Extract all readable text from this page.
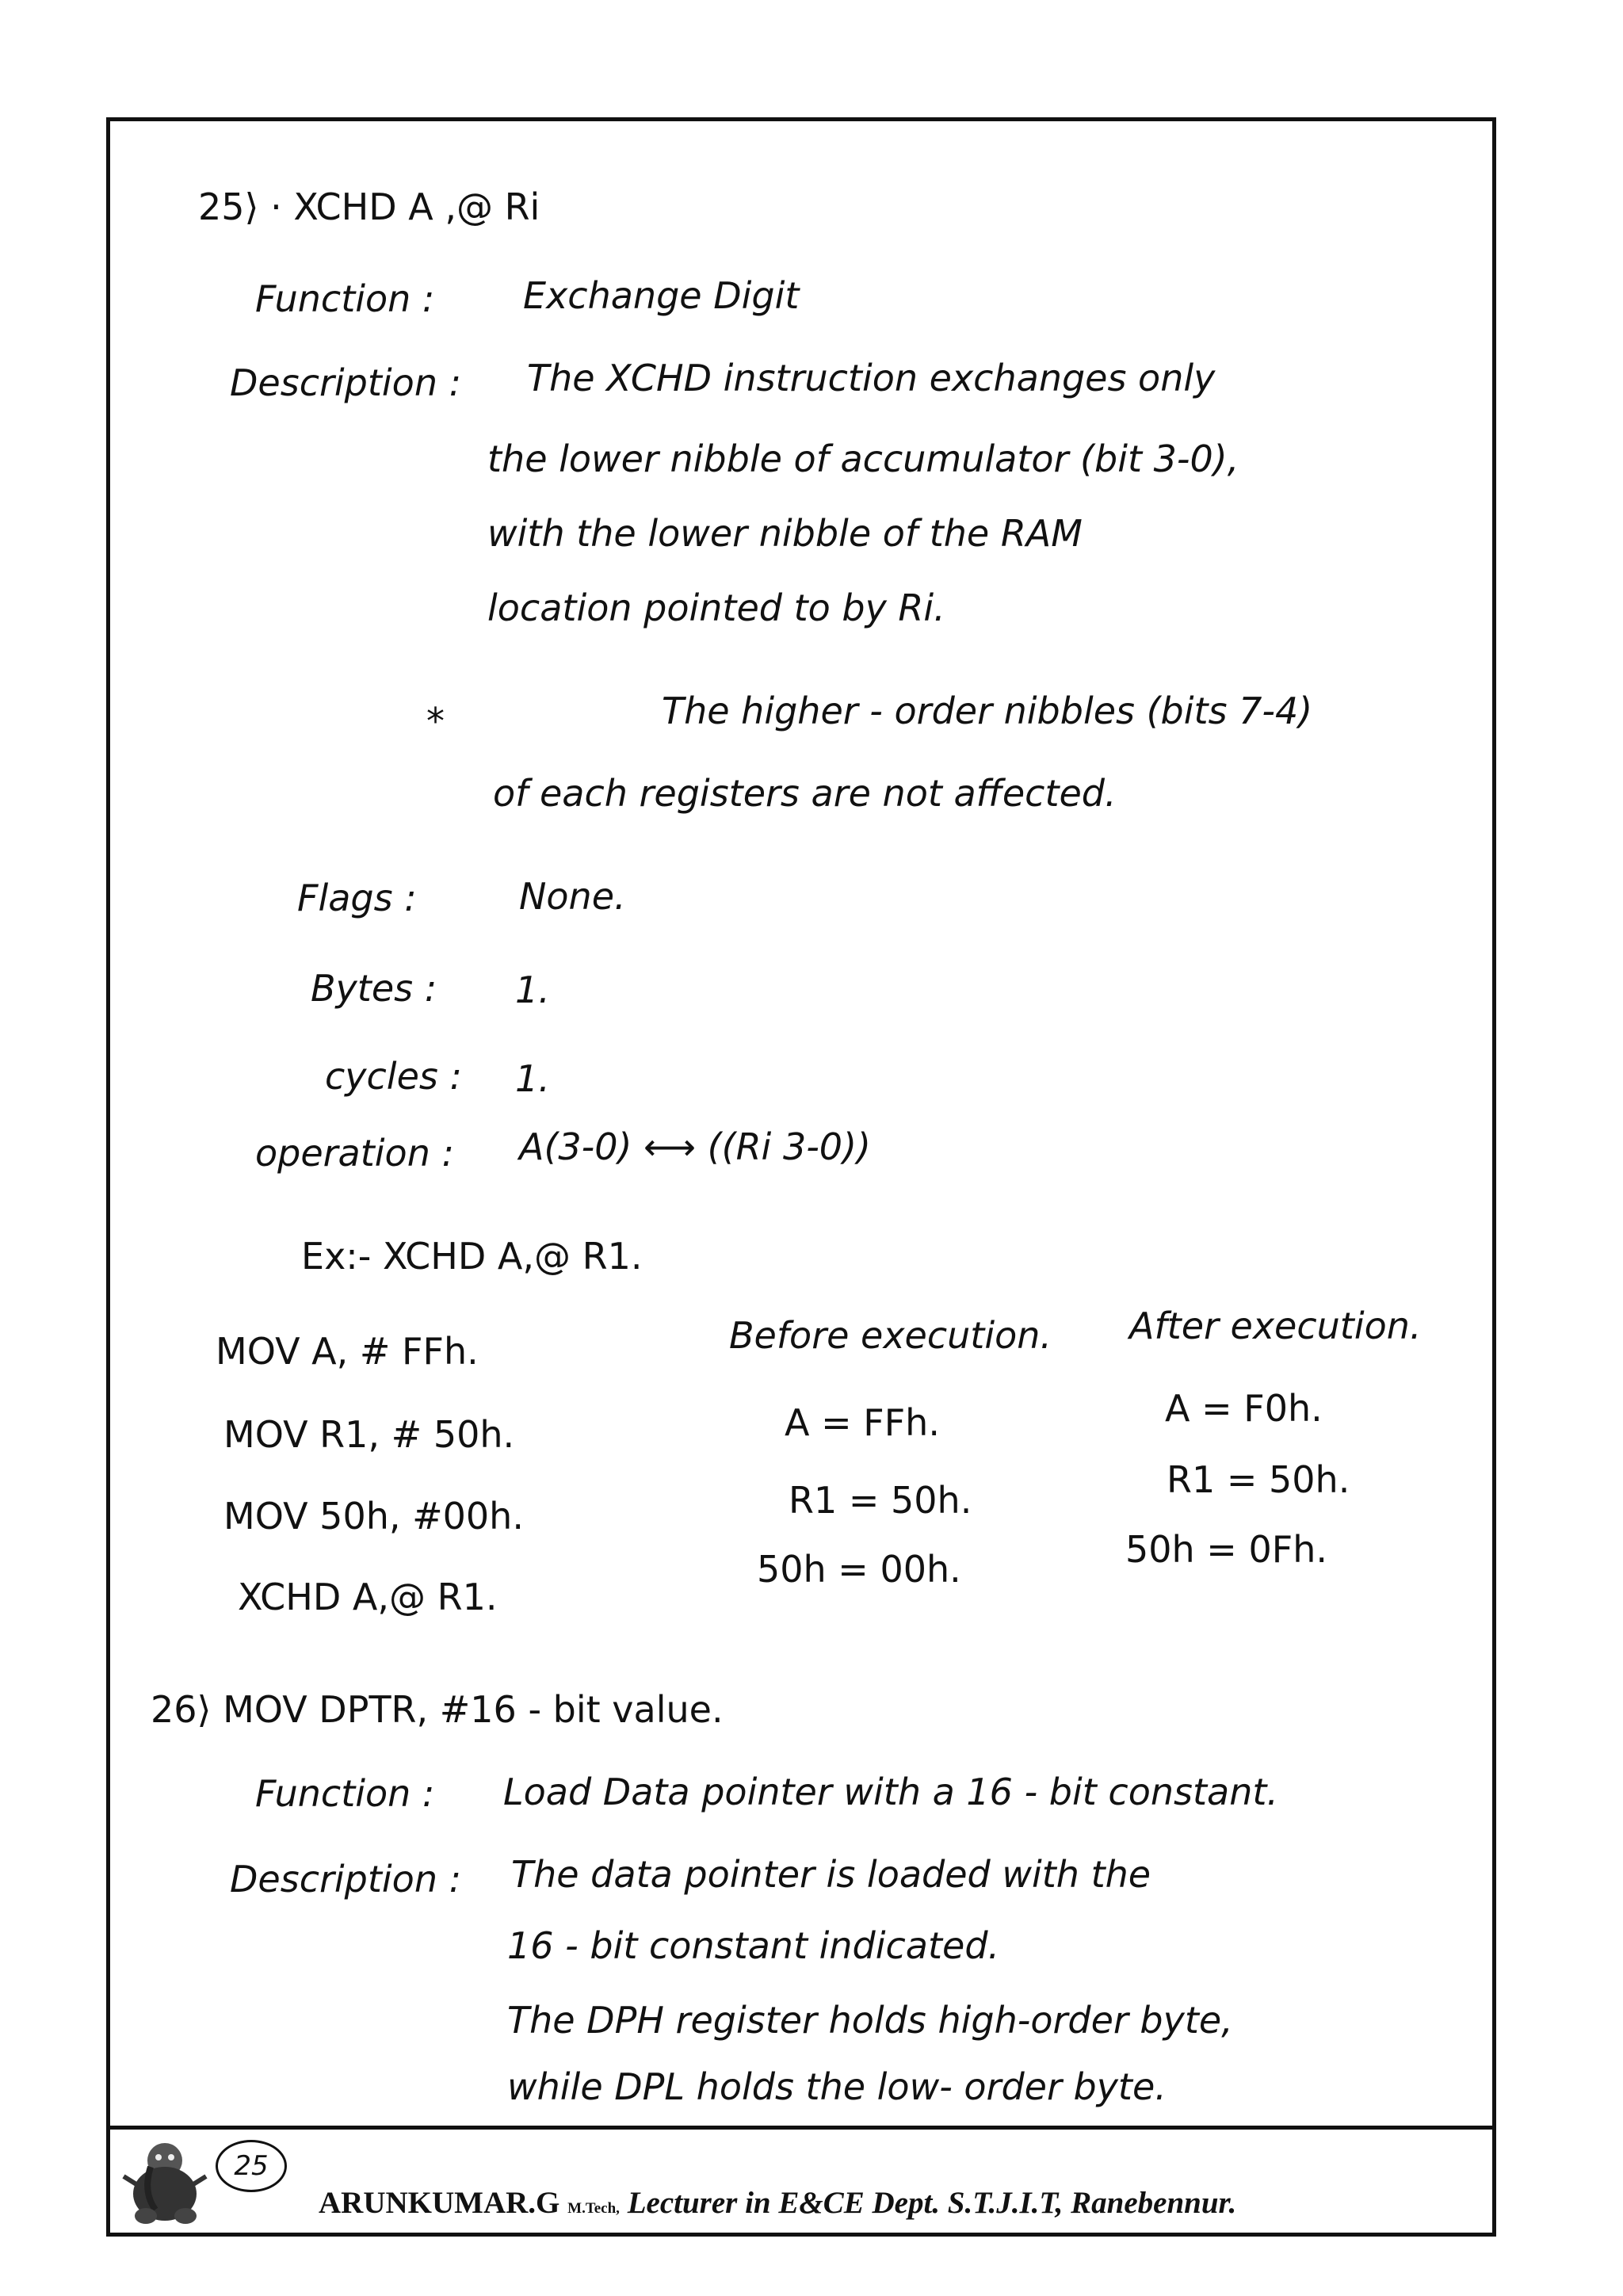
25⟩ · XCHD A ,@ Ri
Function : Exchange Digit
Description : The XCHD instruction exchanges only
the lower nibble of accumulator (bit 3-0),
with the lower nibble of the RAM
location pointed to by Ri.
*	The higher - order nibbles (bits 7-4)
of each registers are not affected.
Flags :	None.
Bytes : 1.
cycles : 1.
operation : A(3-0) ⟷ ((Ri 3-0))
Ex:- XCHD A,@ R1.
MOV A, # FFh.
MOV R1, # 50h.
MOV 50h, #00h.
XCHD A,@ R1.
Before execution.
A = FFh.
R1 = 50h.
50h = 00h.
After execution.
A = F0h.
R1 = 50h.
50h = 0Fh.
26⟩ MOV DPTR, #16 - bit value.
Function : Load Data pointer with a 16 - bit constant.
Description : The data pointer is loaded with the
16 - bit constant indicated.
The DPH register holds high-order byte,
while DPL holds the low- order byte.
25
ARUNKUMAR.G M.Tech, Lecturer in E&CE Dept. S.T.J.I.T, Ranebennur.
